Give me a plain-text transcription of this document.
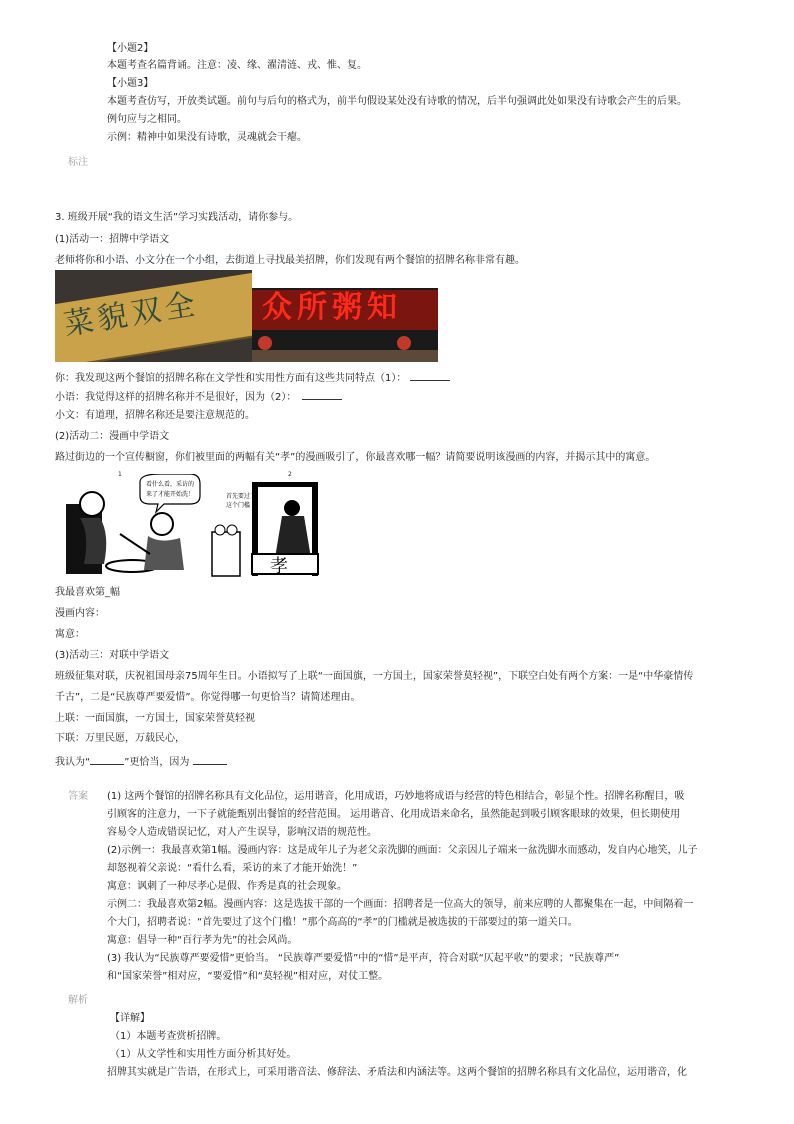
【小题2】
本题考查名篇背诵。注意：凌、缘、濯清涟、戎、惟、复。
【小题3】
本题考查仿写，开放类试题。前句与后句的格式为，前半句假设某处没有诗歌的情况，后半句强调此处如果没有诗歌会产生的后果。
例句应与之相同。
示例：精神中如果没有诗歌，灵魂就会干瘪。
标注
3. 班级开展“我的语文生活”学习实践活动，请你参与。
(1)活动一：招牌中学语文
老师将你和小语、小文分在一个小组，去街道上寻找最美招牌，你们发现有两个餐馆的招牌名称非常有趣。
菜貌双全	众所粥知
你：我发现这两个餐馆的招牌名称在文学性和实用性方面有这些共同特点（1）：
小语：我觉得这样的招牌名称并不是很好，因为（2）：
小文：有道理，招牌名称还是要注意规范的。
(2)活动二：漫画中学语文
路过街边的一个宣传橱窗，你们被里面的两幅有关“孝”的漫画吸引了，你最喜欢哪一幅？请简要说明该漫画的内容，并揭示其中的寓意。
看什么看，采访的
来了才能开始洗！
1
孝
首先要过了
这个门槛
2
我最喜欢第_幅
漫画内容：
寓意：
(3)活动三：对联中学语文
班级征集对联，庆祝祖国母亲75周年生日。小语拟写了上联“一面国旗，一方国土，国家荣誉莫轻视”，下联空白处有两个方案：一是“中华豪情传
千古”，二是“民族尊严要爱惜”。你觉得哪一句更恰当？请简述理由。
上联：一面国旗，一方国土，国家荣誉莫轻视
下联：万里民愿，万载民心，
我认为“	”更恰当，因为
答案 (1) 这两个餐馆的招牌名称具有文化品位，运用谐音，化用成语，巧妙地将成语与经营的特色相结合，彰显个性。招牌名称醒目，吸
引顾客的注意力，一下子就能甄别出餐馆的经营范围。 运用谐音、化用成语来命名，虽然能起到吸引顾客眼球的效果，但长期使用
容易令人造成错误记忆，对人产生误导，影响汉语的规范性。
(2)示例一：我最喜欢第1幅。漫画内容：这是成年儿子为老父亲洗脚的画面：父亲因儿子端来一盆洗脚水而感动，发自内心地笑，儿子
却怒视着父亲说：“看什么看，采访的来了才能开始洗！”
寓意：讽刺了一种尽孝心是假、作秀是真的社会现象。
示例二：我最喜欢第2幅。漫画内容：这是选拔干部的一个画面：招聘者是一位高大的领导，前来应聘的人都聚集在一起，中间隔着一
个大门，招聘者说：“首先要过了这个门槛！”那个高高的“孝”的门槛就是被选拔的干部要过的第一道关口。
寓意：倡导一种“百行孝为先”的社会风尚。
(3) 我认为“民族尊严要爱惜”更恰当。 “民族尊严要爱惜”中的“惜”是平声，符合对联“仄起平收”的要求；“民族尊严”
和“国家荣誉”相对应，“要爱惜”和“莫轻视”相对应，对仗工整。
解析
【详解】
（1）本题考查赏析招牌。
（1）从文学性和实用性方面分析其好处。
招牌其实就是广告语，在形式上，可采用谐音法、修辞法、矛盾法和内涵法等。这两个餐馆的招牌名称具有文化品位，运用谐音，化
